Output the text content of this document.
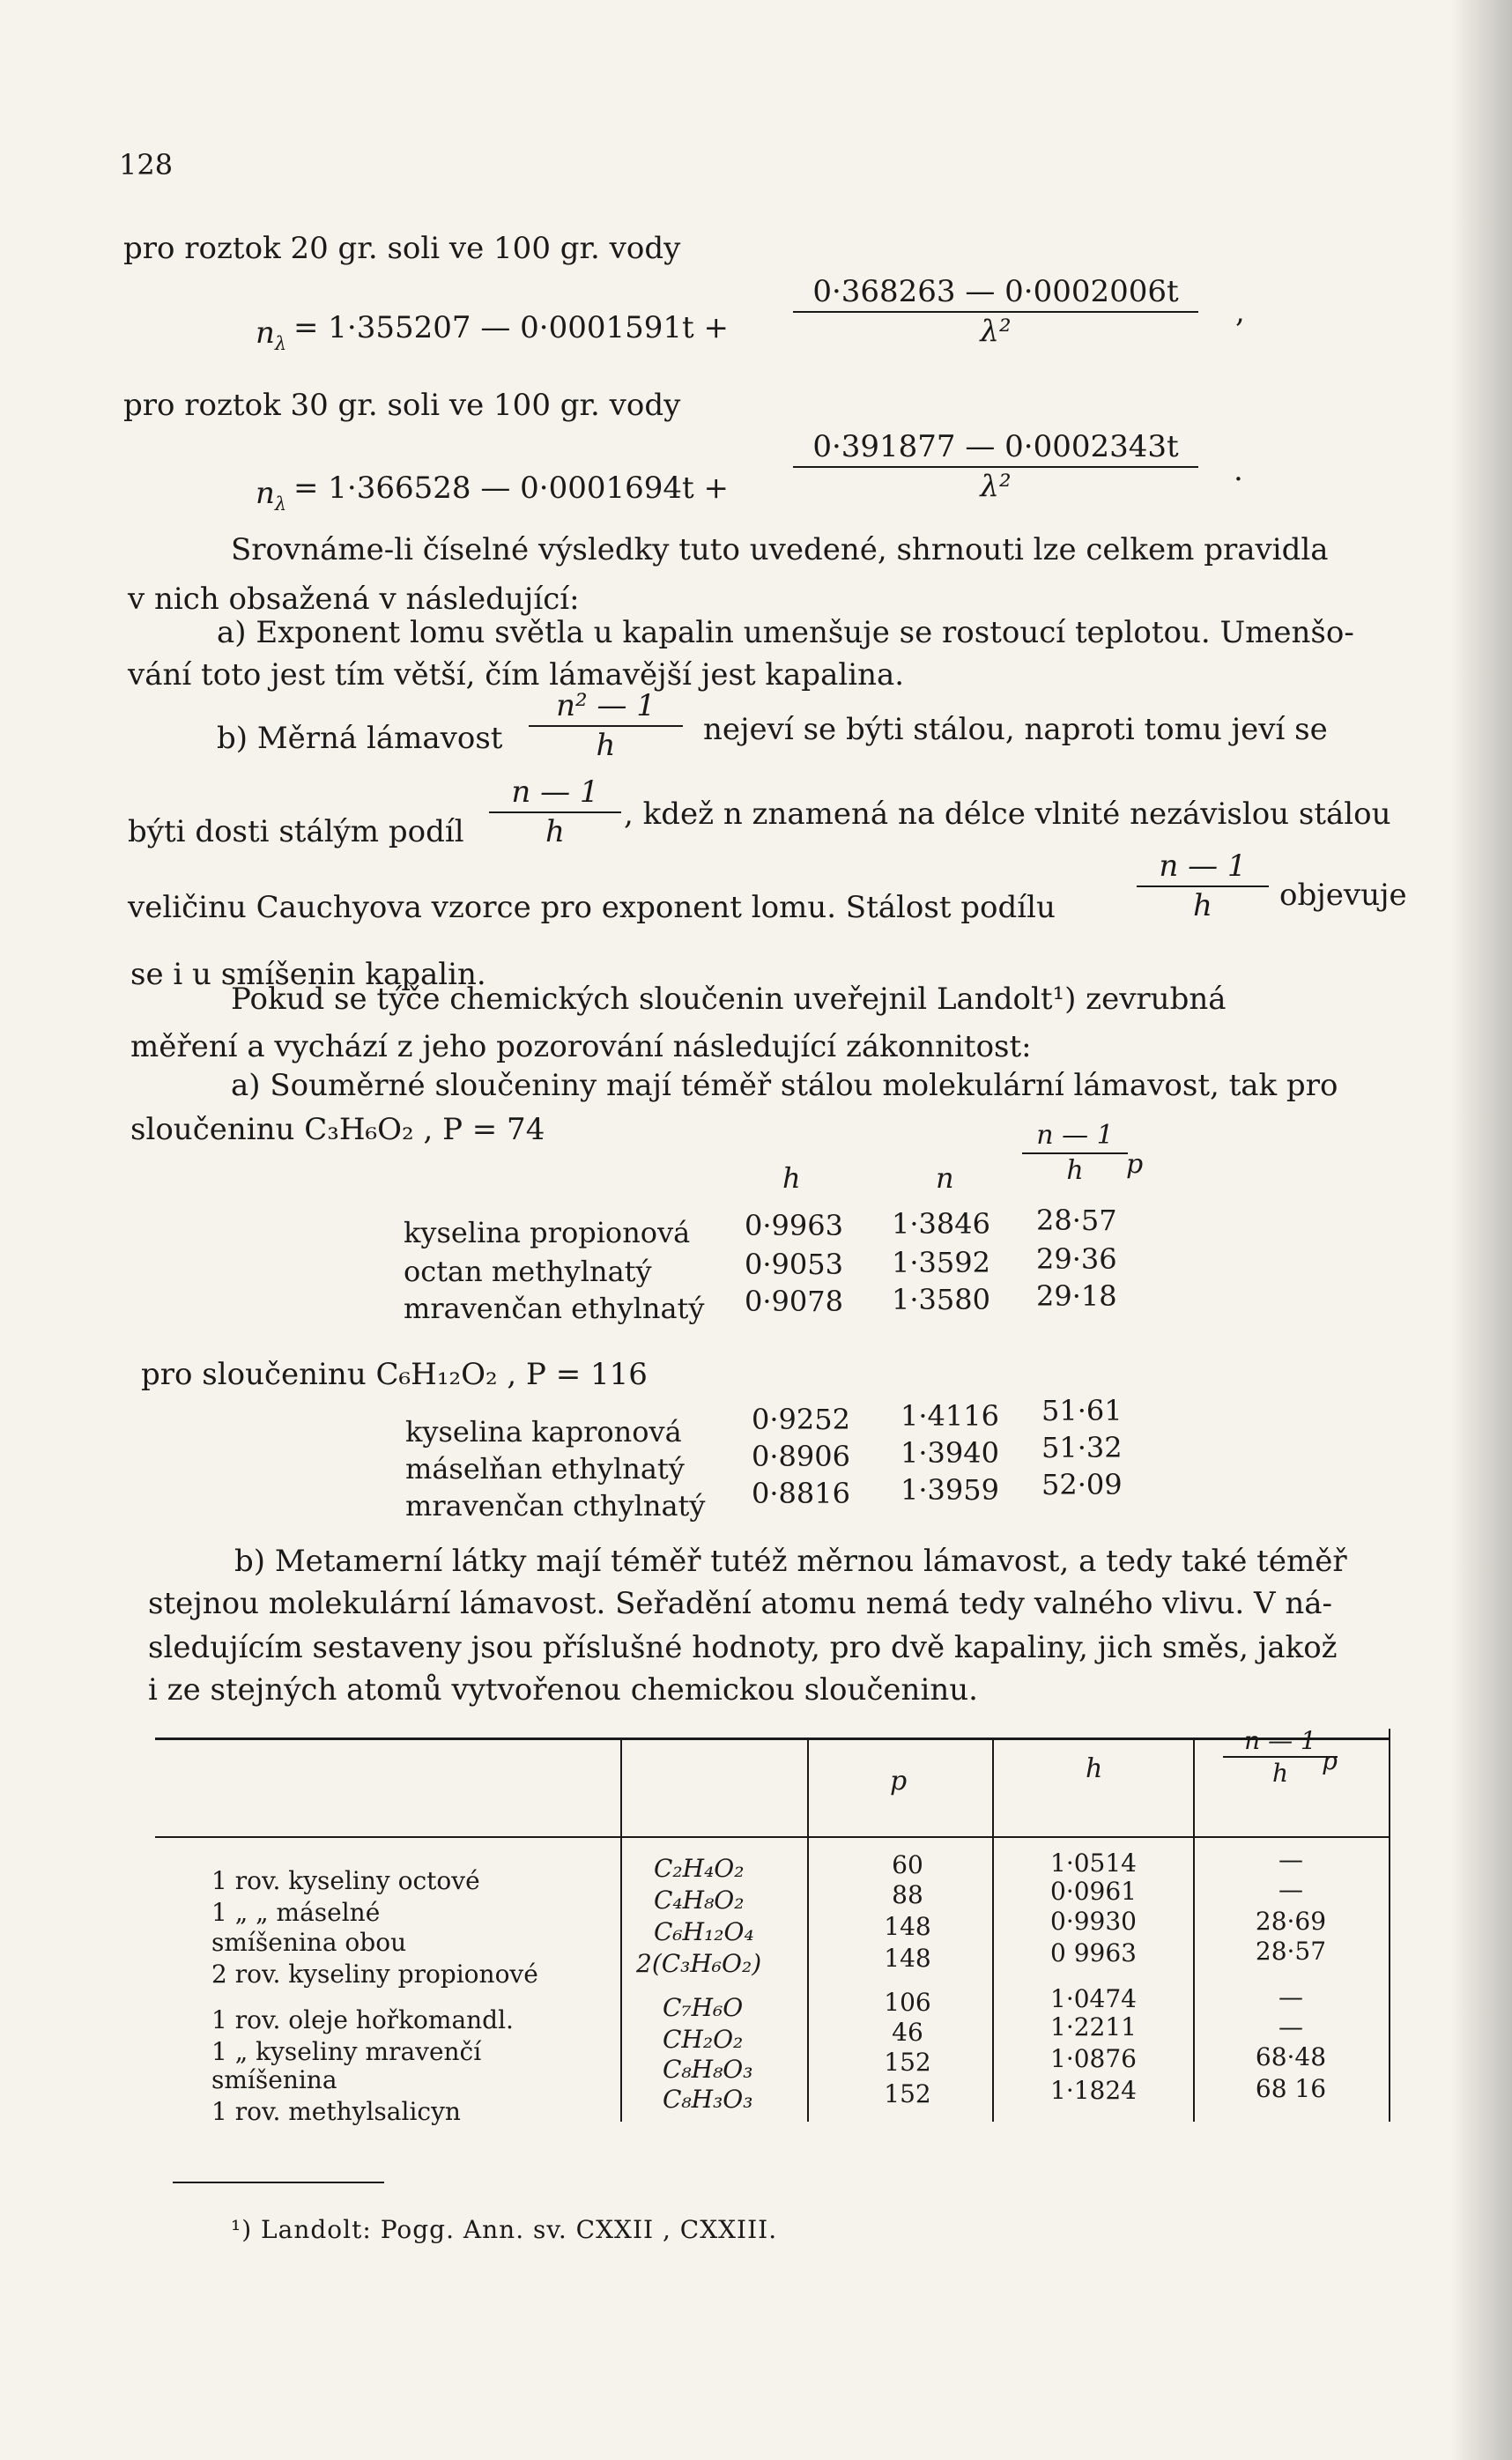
128
pro roztok 20 gr. soli ve 100 gr. vody
$n_\lambda = 1\cdot 355207$ — $0\cdot 0001591t + \frac{0\cdot 368263 — 0\cdot 0002006t}{\text{λ²}}$ ,
pro roztok 30 gr. soli ve 100 gr. vody
$n_\lambda = 1\cdot 366528$ — $0\cdot 0001694t + \frac{0\cdot 391877 — 0\cdot 0002343t}{\text{λ²}}$ .
Srovnáme-li číselné výsledky tuto uvedené, shrnouti lze celkem pravidla
v nich obsažená v následující:
a) Exponent lomu světla u kapalin umenšuje se rostoucí teplotou. Umenšo-
vání toto jest tím větší, čím lámavější jest kapalina.
b) Měrná lámavost $\frac{\text{n² — 1}}{h}$ nejeví se býti stálou, naproti tomu jeví se
býti dosti stálým podíl $\frac{n — 1}{h}$ , kdež n znamená na délce vlnité nezávislou stálou
veličinu Cauchyova vzorce pro exponent lomu. Stálost podílu	$\frac{n — 1}{h}$ objevuje
se i u smíšenin kapalin.
Pokud se týče chemických sloučenin uveřejnil Landolt¹) zevrubná
měření a vychází z jeho pozorování následující zákonnitost:
a) Souměrné sloučeniny mají téměř stálou molekulární lámavost, tak pro
sloučeninu C₃H₆O₂ , P = 74
h	n	$\frac{n — 1}{h}$
p
kyselina propionová 0·9963 1·3846 28·57
octan methylnatý	0·9053 1·3592 29·36
mravenčan ethylnatý 0·9078 1·3580 29·18
pro sloučeninu C₆H₁₂O₂ , P = 116
kyselina kapronová 0·9252 1·4116 51·61
máselňan ethylnatý 0·8906 1·3940 51·32
mravenčan cthylnatý 0·8816 1·3959 52·09
b) Metamerní látky mají téměř tutéž měrnou lámavost, a tedy také téměř
stejnou molekulární lámavost. Seřadění atomu nemá tedy valného vlivu. V ná-
sledujícím sestaveny jsou příslušné hodnoty, pro dvě kapaliny, jich směs, jakož
i ze stejných atomů vytvořenou chemickou sloučeninu.
p	h	$\frac{n — 1}{h}$
p
1 rov. kyseliny octové	C₂H₄O₂	60	1·0514	—
1 „ „ máselné	C₄H₈O₂	88	0·0961	—
smíšenina obou	C₆H₁₂O₄	148	0·9930	28·69
2 rov. kyseliny propionové	2(C₃H₆O₂)	148	0 9963	28·57
1 rov. oleje hořkomandl.	C₇H₆O	106	1·0474	—
1 „ kyseliny mravenčí	CH₂O₂	46	1·2211	—
smíšenina	C₈H₈O₃	152	1·0876	68·48
1 rov. methylsalicyn	C₈H₃O₃	152	1·1824	68 16
¹) Landolt: Pogg. Ann. sv. CXXII , CXXIII.
